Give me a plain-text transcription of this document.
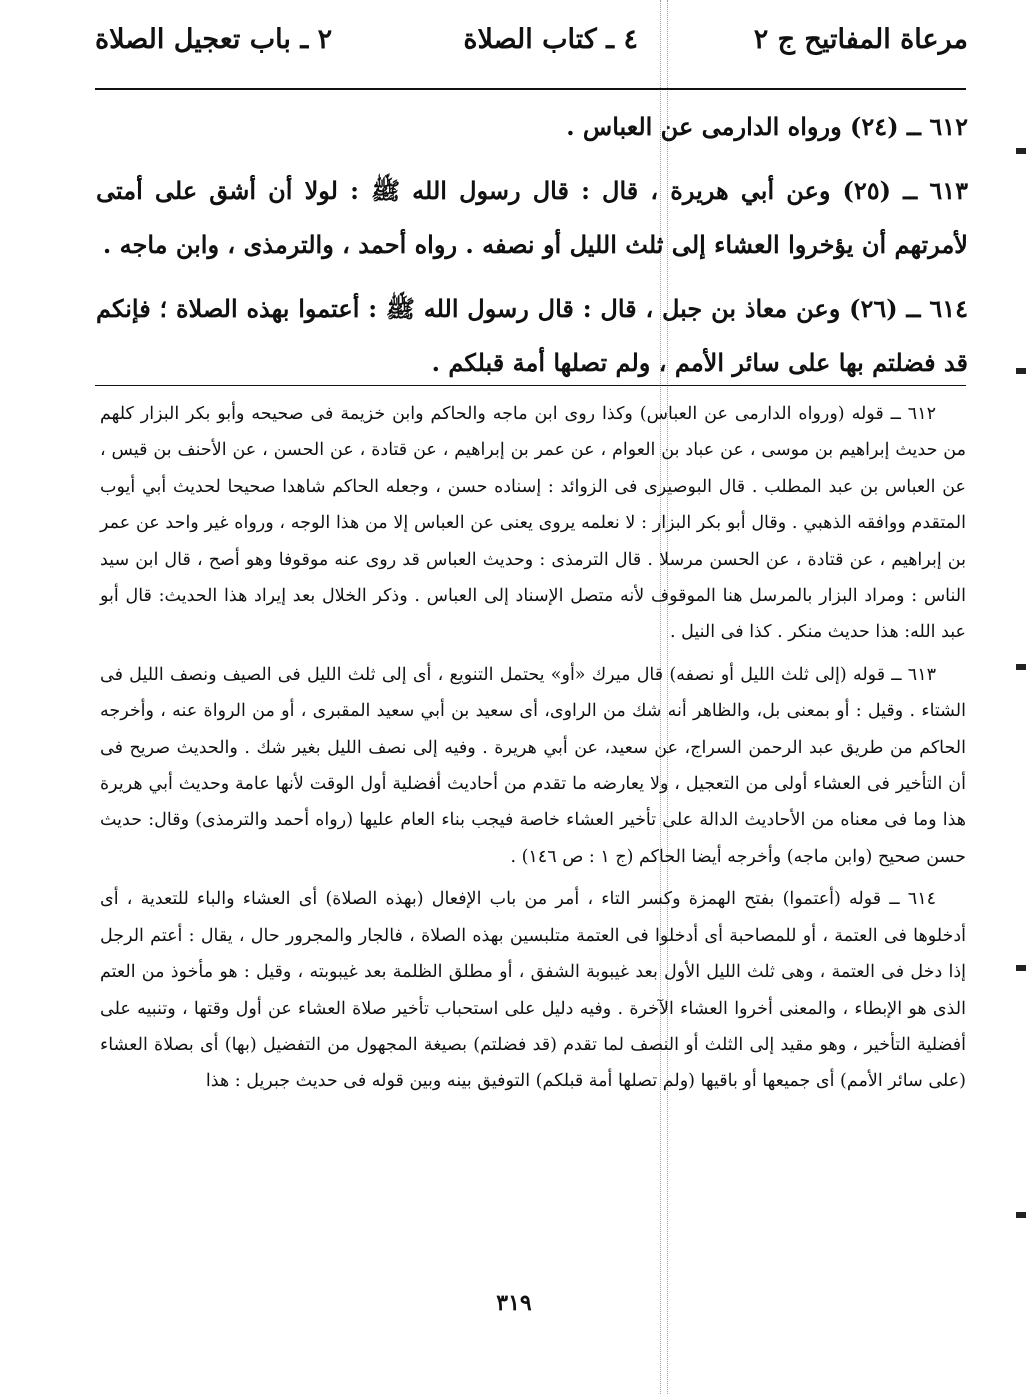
مرعاة المفاتيح ج ٢
٤ ـ كتاب الصلاة
٢ ـ باب تعجيل الصلاة

٦١٢ ــ (٢٤) ورواه الدارمى عن العباس .

٦١٣ ــ (٢٥) وعن أبي هريرة ، قال : قال رسول الله ﷺ : لولا أن أشق على أمتى لأمرتهم أن يؤخروا العشاء إلى ثلث الليل أو نصفه . رواه أحمد ، والترمذى ، وابن ماجه .

٦١٤ ــ (٢٦) وعن معاذ بن جبل ، قال : قال رسول الله ﷺ : أعتموا بهذه الصلاة ؛ فإنكم قد فضلتم بها على سائر الأمم ، ولم تصلها أمة قبلكم .

٦١٢ ــ قوله (ورواه الدارمى عن العباس) وكذا روى ابن ماجه والحاكم وابن خزيمة فى صحيحه وأبو بكر البزار كلهم من حديث إبراهيم بن موسى ، عن عباد بن العوام ، عن عمر بن إبراهيم ، عن قتادة ، عن الحسن ، عن الأحنف بن قيس ، عن العباس بن عبد المطلب . قال البوصيرى فى الزوائد : إسناده حسن ، وجعله الحاكم شاهدا صحيحا لحديث أبي أيوب المتقدم ووافقه الذهبي . وقال أبو بكر البزار : لا نعلمه يروى يعنى عن العباس إلا من هذا الوجه ، ورواه غير واحد عن عمر بن إبراهيم ، عن قتادة ، عن الحسن مرسلا . قال الترمذى : وحديث العباس قد روى عنه موقوفا وهو أصح ، قال ابن سيد الناس : ومراد البزار بالمرسل هنا الموقوف لأنه متصل الإسناد إلى العباس . وذكر الخلال بعد إيراد هذا الحديث: قال أبو عبد الله: هذا حديث منكر . كذا فى النيل .

٦١٣ ــ قوله (إلى ثلث الليل أو نصفه) قال ميرك «أو» يحتمل التنويع ، أى إلى ثلث الليل فى الصيف ونصف الليل فى الشتاء . وقيل : أو بمعنى بل، والظاهر أنه شك من الراوى، أى سعيد بن أبي سعيد المقبرى ، أو من الرواة عنه ، وأخرجه الحاكم من طريق عبد الرحمن السراج، عن سعيد، عن أبي هريرة . وفيه إلى نصف الليل بغير شك . والحديث صريح فى أن التأخير فى العشاء أولى من التعجيل ، ولا يعارضه ما تقدم من أحاديث أفضلية أول الوقت لأنها عامة وحديث أبي هريرة هذا وما فى معناه من الأحاديث الدالة على تأخير العشاء خاصة فيجب بناء العام عليها (رواه أحمد والترمذى) وقال: حديث حسن صحيح (وابن ماجه) وأخرجه أيضا الحاكم (ج ١ : ص ١٤٦) .

٦١٤ ــ قوله (أعتموا) بفتح الهمزة وكسر التاء ، أمر من باب الإفعال (بهذه الصلاة) أى العشاء والباء للتعدية ، أى أدخلوها فى العتمة ، أو للمصاحبة أى أدخلوا فى العتمة متلبسين بهذه الصلاة ، فالجار والمجرور حال ، يقال : أعتم الرجل إذا دخل فى العتمة ، وهى ثلث الليل الأول بعد غيبوبة الشفق ، أو مطلق الظلمة بعد غيبوبته ، وقيل : هو مأخوذ من العتم الذى هو الإبطاء ، والمعنى أخروا العشاء الآخرة . وفيه دليل على استحباب تأخير صلاة العشاء عن أول وقتها ، وتنبيه على أفضلية التأخير ، وهو مقيد إلى الثلث أو النصف لما تقدم (قد فضلتم) بصيغة المجهول من التفضيل (بها) أى بصلاة العشاء (على سائر الأمم) أى جميعها أو باقيها (ولم تصلها أمة قبلكم) التوفيق بينه وبين قوله فى حديث جبريل : هذا

٣١٩
